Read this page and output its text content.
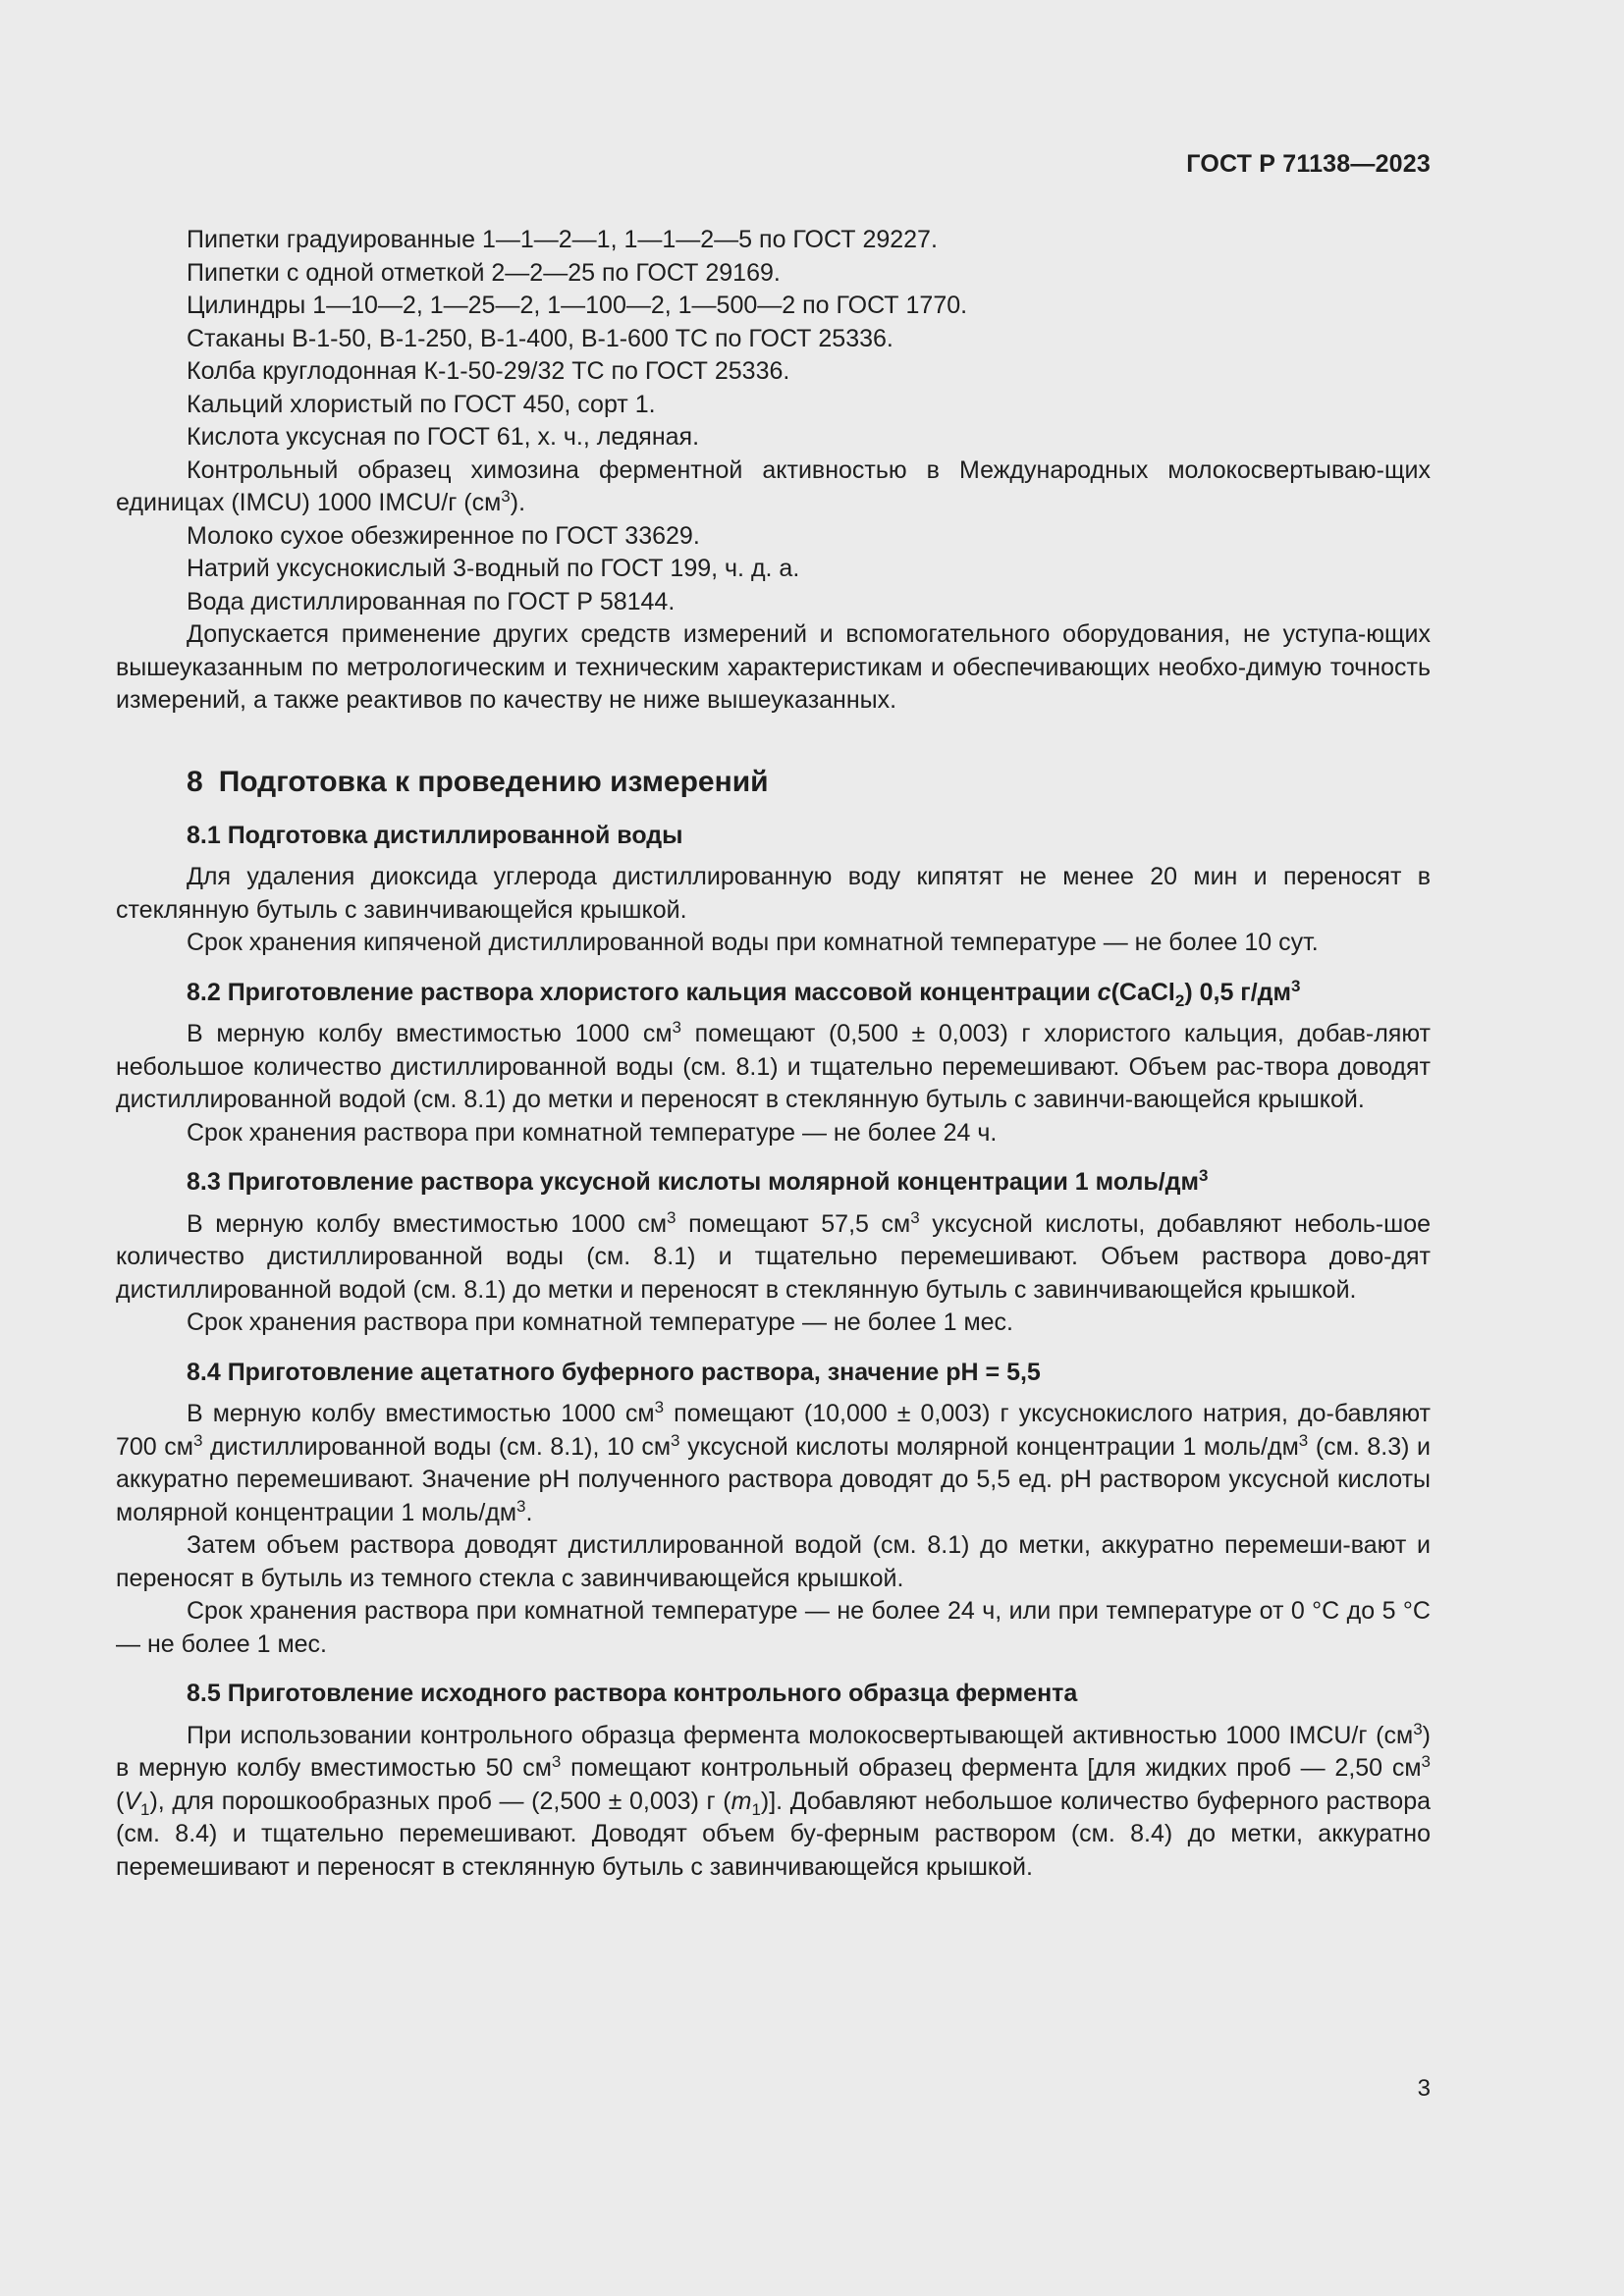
ГОСТ Р 71138—2023

Пипетки градуированные 1—1—2—1, 1—1—2—5 по ГОСТ 29227.

Пипетки с одной отметкой 2—2—25 по ГОСТ 29169.

Цилиндры 1—10—2, 1—25—2, 1—100—2, 1—500—2 по ГОСТ 1770.

Стаканы В-1-50, В-1-250, В-1-400, В-1-600 ТС по ГОСТ 25336.

Колба круглодонная К-1-50-29/32 ТС по ГОСТ 25336.

Кальций хлористый по ГОСТ 450, сорт 1.

Кислота уксусная по ГОСТ 61, х. ч., ледяная.

Контрольный образец химозина ферментной активностью в Международных молокосвертываю-щих единицах (IMCU) 1000 IMCU/г $(см^3)$.

Молоко сухое обезжиренное по ГОСТ 33629.

Натрий уксуснокислый 3-водный по ГОСТ 199, ч. д. а.

Вода дистиллированная по ГОСТ Р 58144.

Допускается применение других средств измерений и вспомогательного оборудования, не уступа-ющих вышеуказанным по метрологическим и техническим характеристикам и обеспечивающих необхо-димую точность измерений, а также реактивов по качеству не ниже вышеуказанных.

8 Подготовка к проведению измерений
8.1 Подготовка дистиллированной воды

Для удаления диоксида углерода дистиллированную воду кипятят не менее 20 мин и переносят в стеклянную бутыль с завинчивающейся крышкой.

Срок хранения кипяченой дистиллированной воды при комнатной температуре — не более 10 сут.

8.2 Приготовление раствора хлористого кальция массовой концентрации c(CaCl$_2$) 0,5 $г/дм^3$

В мерную колбу вместимостью 1000 $см^3$ помещают (0,500 ± 0,003) г хлористого кальция, добав-ляют небольшое количество дистиллированной воды (см. 8.1) и тщательно перемешивают. Объем рас-твора доводят дистиллированной водой (см. 8.1) до метки и переносят в стеклянную бутыль с завинчи-вающейся крышкой.

Срок хранения раствора при комнатной температуре — не более 24 ч.

8.3 Приготовление раствора уксусной кислоты молярной концентрации 1 моль/$дм^3$

В мерную колбу вместимостью 1000 $см^3$ помещают 57,5 $см^3$ уксусной кислоты, добавляют неболь-шое количество дистиллированной воды (см. 8.1) и тщательно перемешивают. Объем раствора дово-дят дистиллированной водой (см. 8.1) до метки и переносят в стеклянную бутыль с завинчивающейся крышкой.

Срок хранения раствора при комнатной температуре — не более 1 мес.

8.4 Приготовление ацетатного буферного раствора, значение рН = 5,5

В мерную колбу вместимостью 1000 $см^3$ помещают (10,000 ± 0,003) г уксуснокислого натрия, до-бавляют 700 $см^3$ дистиллированной воды (см. 8.1), 10 $см^3$ уксусной кислоты молярной концентрации 1 моль/$дм^3$ (см. 8.3) и аккуратно перемешивают. Значение рН полученного раствора доводят до 5,5 ед. рН раствором уксусной кислоты молярной концентрации 1 моль/$дм^3$.

Затем объем раствора доводят дистиллированной водой (см. 8.1) до метки, аккуратно перемеши-вают и переносят в бутыль из темного стекла с завинчивающейся крышкой.

Срок хранения раствора при комнатной температуре — не более 24 ч, или при температуре от 0 °С до 5 °С — не более 1 мес.

8.5 Приготовление исходного раствора контрольного образца фермента

При использовании контрольного образца фермента молокосвертывающей активностью 1000 IMCU/г $(см^3)$ в мерную колбу вместимостью 50 $см^3$ помещают контрольный образец фермента [для жидких проб — 2,50 $см^3$ $(V_1)$, для порошкообразных проб — (2,500 ± 0,003) г $(m_1)$]. Добавляют небольшое количество буферного раствора (см. 8.4) и тщательно перемешивают. Доводят объем бу-ферным раствором (см. 8.4) до метки, аккуратно перемешивают и переносят в стеклянную бутыль с завинчивающейся крышкой.

3
